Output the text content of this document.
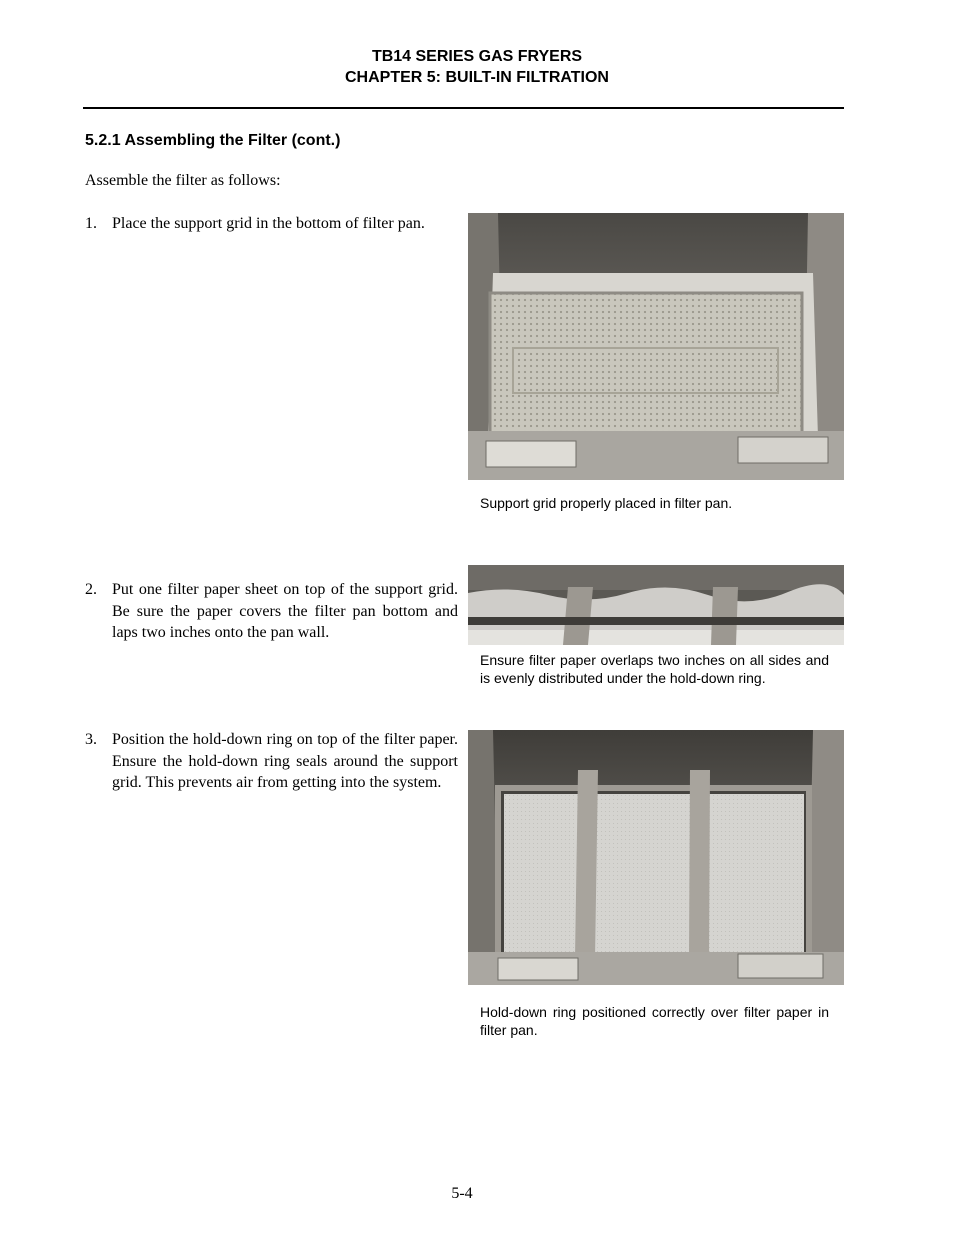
TB14 SERIES GAS FRYERS
CHAPTER 5: BUILT-IN FILTRATION
5.2.1 Assembling the Filter (cont.)
Assemble the filter as follows:
1. Place the support grid in the bottom of filter pan.
Support grid properly placed in filter pan.
2. Put one filter paper sheet on top of the support grid. Be sure the paper covers the filter pan bottom and laps two inches onto the pan wall.
Ensure filter paper overlaps two inches on all sides and is evenly distributed under the hold-down ring.
3. Position the hold-down ring on top of the filter paper. Ensure the hold-down ring seals around the support grid. This prevents air from getting into the system.
Hold-down ring positioned correctly over filter paper in filter pan.
5-4
